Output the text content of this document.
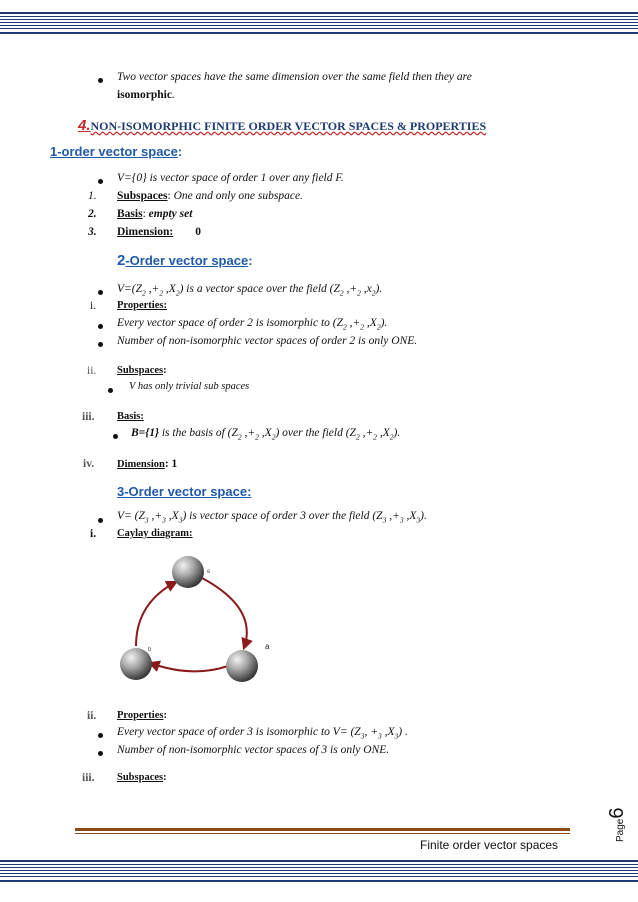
Two vector spaces have the same dimension over the same field then they are
isomorphic.
4.NON-ISOMORPHIC FINITE ORDER VECTOR SPACES & PROPERTIES
1-order vector space:
V={0} is vector space of order 1 over any field F.
1. Subspaces: One and only one subspace.
2. Basis: empty set
3. Dimension: 0
2-Order vector space:
$V=(Z_2$ $,+_2$ $,X_2$) is a vector space over the field ($Z_2$ $,+_2$ $,x_2$).
i. Properties:
Every vector space of order 2 is isomorphic to ($Z_2$ $,+_2$ $,X_2$).
Number of non-isomorphic vector spaces of order 2 is only ONE.
ii. Subspaces:
V has only trivial sub spaces
iii. Basis:
B={1} is the basis of ($Z_2$ $,+_2$ $,X_2$) over the field ($Z_2$ $,+_2$ $,X_2$).
iv. Dimension: 1
3-Order vector space:
$V= (Z_3$ $,+_3$ $,X_3$) is vector space of order 3 over the field ($Z_3$ $,+_3$ $,X_3$).
i. Caylay diagram:
e
b	a
ii. Properties:
Every vector space of order 3 is isomorphic to $V= (Z_3$, $+_3$ $,X_3$) .
Number of non-isomorphic vector spaces of 3 is only ONE.
iii. Subspaces:
Page6
Finite order vector spaces
